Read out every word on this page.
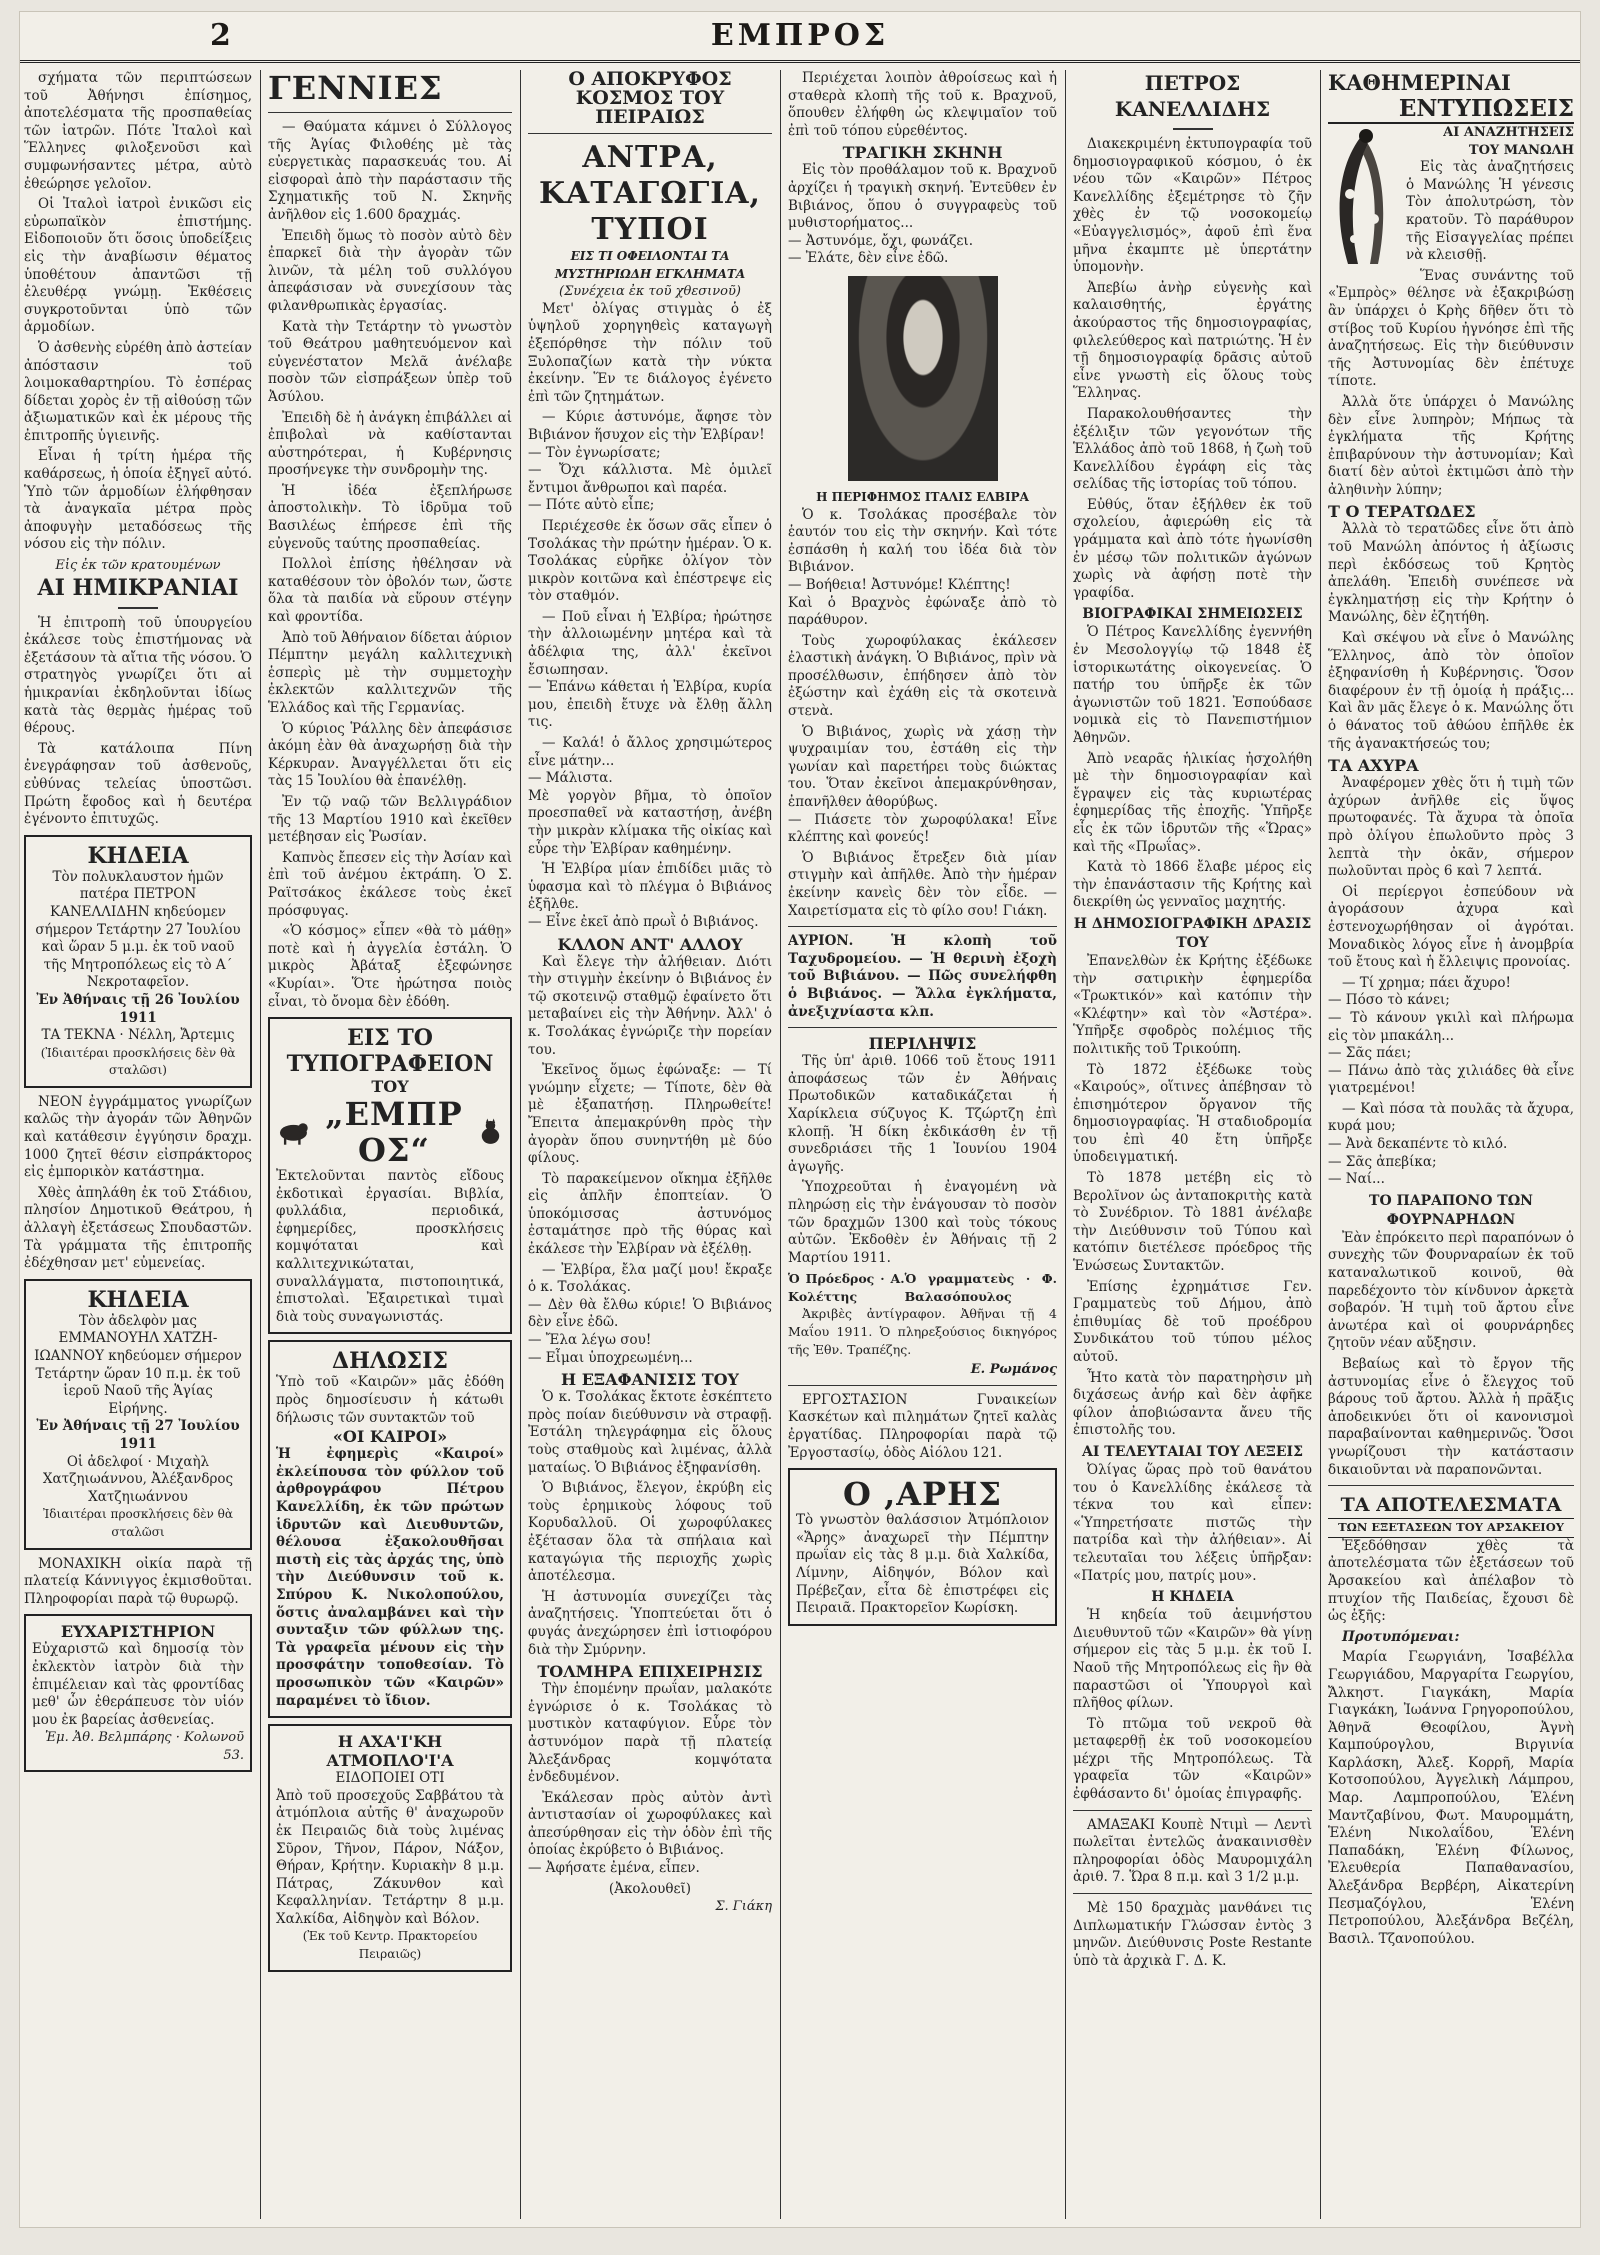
2	ΕΜΠΡΟΣ

σχήματα τῶν περιπτώσεων τοῦ Ἀθήνησι ἐπίσημος, ἀποτελέσματα τῆς προσπαθείας τῶν ἰατρῶν. Πότε Ἰταλοὶ καὶ Ἕλληνες φιλοξενοῦσι καὶ συμφωνήσαντες μέτρα, αὐτὸ ἐθεώρησε γελοῖον.

Οἱ Ἰταλοὶ ἰατροὶ ἐνικῶσι εἰς εὐρωπαϊκὸν ἐπιστήμης. Εἰδοποιοῦν ὅτι ὅσοις ὑποδείξεις εἰς τὴν ἀναβίωσιν θέματος ὑποθέτουν ἀπαντῶσι τῇ ἐλευθέρᾳ γνώμῃ. Ἐκθέσεις συγκροτοῦνται ὑπὸ τῶν ἁρμοδίων.

Ὁ ἀσθενὴς εὑρέθη ἀπὸ ἀστείαν ἀπόστασιν τοῦ λοιμοκαθαρτηρίου. Τὸ ἐσπέρας δίδεται χορὸς ἐν τῇ αἰθούσῃ τῶν ἀξιωματικῶν καὶ ἐκ μέρους τῆς ἐπιτροπῆς ὑγιεινῆς.

Εἶναι ἡ τρίτη ἡμέρα τῆς καθάρσεως, ἡ ὁποία ἐξηγεῖ αὐτό. Ὑπὸ τῶν ἁρμοδίων ἐλήφθησαν τὰ ἀναγκαῖα μέτρα πρὸς ἀποφυγὴν μεταδόσεως τῆς νόσου εἰς τὴν πόλιν.

Εἰς ἐκ τῶν κρατουμένων
ΑΙ ΗΜΙΚΡΑΝΙΑΙ

Ἡ ἐπιτροπὴ τοῦ ὑπουργείου ἐκάλεσε τοὺς ἐπιστήμονας νὰ ἐξετάσουν τὰ αἴτια τῆς νόσου. Ὁ στρατηγὸς γνωρίζει ὅτι αἱ ἡμικρανίαι ἐκδηλοῦνται ἰδίως κατὰ τὰς θερμὰς ἡμέρας τοῦ θέρους.

Τὰ κατάλοιπα Πίνη ἐνεγράφησαν τοῦ ἀσθενοῦς, εὐθύνας τελείας ὑποστῶσι. Πρώτη ἔφοδος καὶ ἡ δευτέρα ἐγένοντο ἐπιτυχῶς.

ΚΗΔΕΙΑ
Τὸν πολυκλαυστον ἡμῶν πατέρα ΠΕΤΡΟΝ ΚΑΝΕΛΛΙΔΗΝ κηδεύομεν σήμερον Τετάρτην 27 Ἰουλίου καὶ ὥραν 5 μ.μ. ἐκ τοῦ ναοῦ τῆς Μητροπόλεως εἰς τὸ Α΄ Νεκροταφεῖον.
Ἐν Ἀθήναις τῇ 26 Ἰουλίου 1911
ΤΑ ΤΕΚΝΑ · Νέλλη, Ἄρτεμις
(Ἰδιαιτέραι προσκλήσεις δὲν θὰ σταλῶσι)

ΝΕΟΝ ἐγγράμματος γνωρίζων καλῶς τὴν ἀγοράν τῶν Ἀθηνῶν καὶ κατάθεσιν ἐγγύησιν δραχμ. 1000 ζητεῖ θέσιν εἰσπράκτορος εἰς ἐμπορικὸν κατάστημα.

Χθὲς ἀπηλάθη ἐκ τοῦ Στάδιου, πλησίον Δημοτικοῦ Θεάτρου, ἡ ἀλλαγὴ ἐξετάσεως Σπουδαστῶν. Τὰ γράμματα τῆς ἐπιτροπῆς ἐδέχθησαν μετ' εὐμενείας.

ΚΗΔΕΙΑ
Τὸν ἀδελφὸν μας ΕΜΜΑΝΟΥΗΛ ΧΑΤΖΗ-ΙΩΑΝΝΟΥ κηδεύομεν σήμερον Τετάρτην ὥραν 10 π.μ. ἐκ τοῦ ἱεροῦ Ναοῦ τῆς Ἁγίας Εἰρήνης.
Ἐν Ἀθήναις τῇ 27 Ἰουλίου 1911
Οἱ ἀδελφοί · Μιχαὴλ Χατζηιωάννου, Ἀλέξανδρος Χατζηιωάννου
Ἰδιαιτέραι προσκλήσεις δὲν θὰ σταλῶσι

ΜΟΝΑΧΙΚΗ οἰκία παρὰ τῇ πλατείᾳ Κάννιγγος ἐκμισθοῦται. Πληροφορίαι παρὰ τῷ θυρωρῷ.

ΕΥΧΑΡΙΣΤΗΡΙΟΝ
Εὐχαριστῶ καὶ δημοσίᾳ τὸν ἐκλεκτὸν ἰατρὸν διὰ τὴν ἐπιμέλειαν καὶ τὰς φροντίδας μεθ' ὧν ἐθεράπευσε τὸν υἱόν μου ἐκ βαρείας ἀσθενείας.
Ἐμ. Ἀθ. Βελμπάρης · Κολωνοῦ 53.
ΓΕΝΝΙΕΣ

— Θαύματα κάμνει ὁ Σύλλογος τῆς Ἁγίας Φιλοθέης μὲ τὰς εὐεργετικὰς παρασκευάς του. Αἱ εἰσφοραὶ ἀπὸ τὴν παράστασιν τῆς Σχηματικῆς τοῦ Ν. Σκηνῆς ἀνῆλθον εἰς 1.600 δραχμάς.

Ἐπειδὴ ὅμως τὸ ποσὸν αὐτὸ δὲν ἐπαρκεῖ διὰ τὴν ἀγορὰν τῶν λινῶν, τὰ μέλη τοῦ συλλόγου ἀπεφάσισαν νὰ συνεχίσουν τὰς φιλανθρωπικὰς ἐργασίας.

Κατὰ τὴν Τετάρτην τὸ γνωστὸν τοῦ Θεάτρου μαθητευόμενον καὶ εὐγενέστατον Μελᾶ ἀνέλαβε ποσὸν τῶν εἰσπράξεων ὑπὲρ τοῦ Ἀσύλου.

Ἐπειδὴ δὲ ἡ ἀνάγκη ἐπιβάλλει αἱ ἐπιβολαὶ νὰ καθίστανται αὐστηρότεραι, ἡ Κυβέρνησις προσήνεγκε τὴν συνδρομὴν της.

Ἡ ἰδέα ἐξεπλήρωσε ἀποστολικὴν. Τὸ ἱδρῦμα τοῦ Βασιλέως ἐπήρεσε ἐπὶ τῆς εὐγενοῦς ταύτης προσπαθείας.

Πολλοὶ ἐπίσης ἠθέλησαν νὰ καταθέσουν τὸν ὀβολόν των, ὥστε ὅλα τὰ παιδία νὰ εὕρουν στέγην καὶ φροντίδα.

Ἀπὸ τοῦ Ἀθήναιον δίδεται ἀύριον Πέμπτην μεγάλη καλλιτεχνικὴ ἑσπερὶς μὲ τὴν συμμετοχὴν ἐκλεκτῶν καλλιτεχνῶν τῆς Ἑλλάδος καὶ τῆς Γερμανίας.

Ὁ κύριος Ῥάλλης δὲν ἀπεφάσισε ἀκόμη ἐὰν θὰ ἀναχωρήσῃ διὰ τὴν Κέρκυραν. Ἀναγγέλλεται ὅτι εἰς τὰς 15 Ἰουλίου θὰ ἐπανέλθῃ.

Ἐν τῷ ναῷ τῶν Βελλιγράδιον τῆς 13 Μαρτίου 1910 καὶ ἐκεῖθεν μετέβησαν εἰς Ῥωσίαν.

Καπνὸς ἔπεσεν εἰς τὴν Ἀσίαν καὶ ἐπὶ τοῦ ἀνέμου ἐκτράπη. Ὁ Σ. Ραϊτσάκος ἐκάλεσε τοὺς ἐκεῖ πρόσφυγας.

«Ὁ κόσμος» εἶπεν «θὰ τὸ μάθῃ» ποτὲ καὶ ἡ ἀγγελία ἐστάλη. Ὁ μικρὸς Ἀβάταξ ἐξεφώνησε «Κυρίαι». Ὅτε ἠρώτησα ποιὸς εἶναι, τὸ ὄνομα δὲν ἐδόθη.

ΕΙΣ ΤΟ ΤΥΠΟΓΡΑΦΕΙΟΝ
ΤΟΥ
„ΕΜΠΡΟΣ“
Ἐκτελοῦνται παντὸς εἴδους ἐκδοτικαὶ ἐργασίαι. Βιβλία, φυλλάδια, περιοδικά, ἐφημερίδες, προσκλήσεις κομψόταται καὶ καλλιτεχνικώταται, συναλλάγματα, πιστοποιητικά, ἐπιστολαὶ. Ἐξαιρετικαὶ τιμαὶ διὰ τοὺς συναγωνιστάς.
ΔΗΛΩΣΙΣ
Ὑπὸ τοῦ «Καιρῶν» μᾶς ἐδόθη πρὸς δημοσίευσιν ἡ κάτωθι δήλωσις τῶν συντακτῶν τοῦ
«ΟΙ ΚΑΙΡΟΙ»
Ἡ ἐφημερὶς «Καιροί» ἐκλείπουσα τὸν φύλλον τοῦ ἀρθρογράφου Πέτρου Κανελλίδη, ἐκ τῶν πρώτων ἱδρυτῶν καὶ Διευθυντῶν, θέλουσα ἐξακολουθῆσαι πιστὴ εἰς τὰς ἀρχάς της, ὑπὸ τὴν Διεύθυνσιν τοῦ κ. Σπύρου Κ. Νικολοπούλου, ὅστις ἀναλαμβάνει καὶ τὴν συνταξιν τῶν φύλλων της. Τὰ γραφεῖα μένουν εἰς τὴν προσφάτην τοποθεσίαν. Τὸ προσωπικὸν τῶν «Καιρῶν» παραμένει τὸ ἴδιον.
Η ΑΧΑ'Ι'ΚΗ ΑΤΜΟΠΛΟ'Ι'Α
ΕΙΔΟΠΟΙΕΙ ΟΤΙ
Ἀπὸ τοῦ προσεχοῦς Σαββάτου τὰ ἀτμόπλοια αὐτῆς θ' ἀναχωροῦν ἐκ Πειραιῶς διὰ τοὺς λιμένας Σῦρον, Τῆνον, Πάρον, Νάξον, Θήραν, Κρήτην. Κυριακὴν 8 μ.μ. Πάτρας, Ζάκυνθον καὶ Κεφαλληνίαν. Τετάρτην 8 μ.μ. Χαλκίδα, Αἰδηψὸν καὶ Βόλον.
(Ἐκ τοῦ Κεντρ. Πρακτορείου Πειραιῶς)
Ο ΑΠΟΚΡΥΦΟΣ ΚΟΣΜΟΣ ΤΟΥ ΠΕΙΡΑΙΩΣ
ΑΝΤΡΑ, ΚΑΤΑΓΩΓΙΑ, ΤΥΠΟΙ
ΕΙΣ ΤΙ ΟΦΕΙΛΟΝΤΑΙ ΤΑ ΜΥΣΤΗΡΙΩΔΗ ΕΓΚΛΗΜΑΤΑ
(Συνέχεια ἐκ τοῦ χθεσινοῦ)

Μετ' ὀλίγας στιγμὰς ὁ ἐξ ὑψηλοῦ χορηγηθεὶς καταγωγὴ ἐξεπόρθησε τὴν πόλιν τοῦ Ξυλοπαζίων κατὰ τὴν νύκτα ἐκείνην. Ἕν τε διάλογος ἐγένετο ἐπὶ τῶν ζητημάτων.

— Κύριε ἀστυνόμε, ἄφησε τὸν Βιβιάνον ἥσυχον εἰς τὴν Ἐλβίραν!
— Τὸν ἐγνωρίσατε;
— Ὄχι κάλλιστα. Μὲ ὁμιλεῖ ἔντιμοι ἄνθρωποι καὶ παρέα.
— Πότε αὐτὸ εἶπε;

Περιέχεσθε ἐκ ὅσων σᾶς εἶπεν ὁ Τσολάκας τὴν πρώτην ἡμέραν. Ὁ κ. Τσολάκας εὑρῆκε ὀλίγον τὸν μικρὸν κοιτῶνα καὶ ἐπέστρεψε εἰς τὸν σταθμόν.

— Ποῦ εἶναι ἡ Ἐλβίρα; ἠρώτησε τὴν ἀλλοιωμένην μητέρα καὶ τὰ ἀδέλφια της, ἀλλ' ἐκεῖνοι ἔσιωπησαν.
— Ἐπάνω κάθεται ἡ Ἐλβίρα, κυρία μου, ἐπειδὴ ἔτυχε νὰ ἔλθῃ ἄλλη τις.

— Καλά! ὁ ἄλλος χρησιμώτερος εἶνε μάτην...
— Μάλιστα.
Μὲ γοργὸν βῆμα, τὸ ὁποῖον προεσπαθεῖ νὰ καταστήσῃ, ἀνέβη τὴν μικρὰν κλίμακα τῆς οἰκίας καὶ εὗρε τὴν Ἐλβίραν καθημένην.

Ἡ Ἐλβίρα μίαν ἐπιδίδει μιᾶς τὸ ὑφασμα καὶ τὸ πλέγμα ὁ Βιβιάνος ἐξῆλθε.
— Εἶνε ἐκεῖ ἀπὸ πρωῒ ὁ Βιβιάνος.

ΚΛΛΟΝ ΑΝΤ' ΑΛΛΟΥ

Καὶ ἔλεγε τὴν ἀλήθειαν. Διότι τὴν στιγμὴν ἐκείνην ὁ Βιβιάνος ἐν τῷ σκοτεινῷ σταθμῷ ἐφαίνετο ὅτι μεταβαίνει εἰς τὴν Ἀθήνην. Ἀλλ' ὁ κ. Τσολάκας ἐγνώριζε τὴν πορείαν του.

Ἐκεῖνος ὅμως ἐφώναξε: — Τί γνώμην εἶχετε; — Τίποτε, δὲν θὰ μὲ ἐξαπατήσῃ. Πληρωθείτε! Ἔπειτα ἀπεμακρύνθη πρὸς τὴν ἀγορὰν ὅπου συνηντήθη μὲ δύο φίλους.

Τὸ παρακείμενον οἴκημα ἐξῆλθε εἰς ἀπλῆν ἐποπτείαν. Ὁ ὑποκόμισσας ἀστυνόμος ἐσταμάτησε πρὸ τῆς θύρας καὶ ἐκάλεσε τὴν Ἐλβίραν νὰ ἐξέλθῃ.

— Ἐλβίρα, ἔλα μαζί μου! ἔκραξε ὁ κ. Τσολάκας.
— Δὲν θὰ ἔλθω κύριε! Ὁ Βιβιάνος δὲν εἶνε ἐδῶ.
— Ἔλα λέγω σου!
— Εἶμαι ὑποχρεωμένη...

Η ΕΞΑΦΑΝΙΣΙΣ ΤΟΥ

Ὁ κ. Τσολάκας ἔκτοτε ἐσκέπτετο πρὸς ποίαν διεύθυνσιν νὰ στραφῇ. Ἐστάλη τηλεγράφημα εἰς ὅλους τοὺς σταθμοὺς καὶ λιμένας, ἀλλὰ ματαίως. Ὁ Βιβιάνος ἐξηφανίσθη.

Ὁ Βιβιάνος, ἔλεγον, ἐκρύβη εἰς τοὺς ἐρημικοὺς λόφους τοῦ Κορυδαλλοῦ. Οἱ χωροφύλακες ἐξέτασαν ὅλα τὰ σπήλαια καὶ καταγώγια τῆς περιοχῆς χωρὶς ἀποτέλεσμα.

Ἡ ἀστυνομία συνεχίζει τὰς ἀναζητήσεις. Ὑποπτεύεται ὅτι ὁ φυγάς ἀνεχώρησεν ἐπὶ ἱστιοφόρου διὰ τὴν Σμύρνην.

ΤΟΛΜΗΡΑ ΕΠΙΧΕΙΡΗΣΙΣ

Τὴν ἑπομένην πρωΐαν, μαλακότε ἐγνώρισε ὁ κ. Τσολάκας τὸ μυστικὸν καταφύγιον. Εὗρε τὸν ἀστυνόμον παρὰ τῇ πλατείᾳ Ἀλεξάνδρας κομψότατα ἐνδεδυμένον.

Ἐκάλεσαν πρὸς αὐτὸν ἀντὶ ἀντιστασίαν οἱ χωροφύλακες καὶ ἀπεσύρθησαν εἰς τὴν ὁδὸν ἐπὶ τῆς ὁποίας ἐκρύβετο ὁ Βιβιάνος.
— Ἀφήσατε ἐμένα, εἶπεν.

(Ἀκολουθεῖ)
Σ. Γιάκη

Περιέχεται λοιπὸν ἀθροίσεως καὶ ἡ σταθερὰ κλοπὴ τῆς τοῦ κ. Βραχνοῦ, ὅπουθεν ἐλήφθη ὡς κλεψιμαῖον τοῦ ἐπὶ τοῦ τόπου εὑρεθέντος.

ΤΡΑΓΙΚΗ ΣΚΗΝΗ

Εἰς τὸν προθάλαμον τοῦ κ. Βραχνοῦ ἀρχίζει ἡ τραγικὴ σκηνή. Ἐντεῦθεν ἐν Βιβιάνος, ὅπου ὁ συγγραφεὺς τοῦ μυθιστορήματος...
— Ἀστυνόμε, ὄχι, φωνάζει.
— Ἐλάτε, δὲν εἶνε ἐδῶ.

Η ΠΕΡΙΦΗΜΟΣ ΙΤΑΛΙΣ ΕΛΒΙΡΑ

Ὁ κ. Τσολάκας προσέβαλε τὸν ἑαυτόν του εἰς τὴν σκηνήν. Καὶ τότε ἐσπάσθη ἡ καλή του ἰδέα διὰ τὸν Βιβιάνον.
— Βοήθεια! Ἀστυνόμε! Κλέπτης!
Καὶ ὁ Βραχνὸς ἐφώναξε ἀπὸ τὸ παράθυρον.

Τοὺς χωροφύλακας ἐκάλεσεν ἐλαστικὴ ἀνάγκη. Ὁ Βιβιάνος, πρὶν νὰ προσέλθωσιν, ἐπήδησεν ἀπὸ τὸν ἐξώστην καὶ ἐχάθη εἰς τὰ σκοτεινὰ στενὰ.

Ὁ Βιβιάνος, χωρὶς νὰ χάσῃ τὴν ψυχραιμίαν του, ἐστάθη εἰς τὴν γωνίαν καὶ παρετήρει τοὺς διώκτας του. Ὅταν ἐκεῖνοι ἀπεμακρύνθησαν, ἐπανῆλθεν ἀθορύβως.
— Πιάσετε τὸν χωροφύλακα! Εἶνε κλέπτης καὶ φονεύς!

Ὁ Βιβιάνος ἔτρεξεν διὰ μίαν στιγμὴν καὶ ἀπῆλθε. Ἀπὸ τὴν ἡμέραν ἐκείνην κανεὶς δὲν τὸν εἶδε. — Χαιρετίσματα εἰς τὸ φίλο σου! Γιάκη.

ΑΥΡΙΟΝ. Ἡ κλοπὴ τοῦ Ταχυδρομείου. — Ἡ θερινὴ ἐξοχὴ τοῦ Βιβιάνου. — Πῶς συνελήφθη ὁ Βιβιάνος. — Ἄλλα ἐγκλήματα, ἀνεξιχνίαστα κλπ.
ΠΕΡΙΛΗΨΙΣ

Τῆς ὑπ' ἀριθ. 1066 τοῦ ἔτους 1911 ἀποφάσεως τῶν ἐν Ἀθήναις Πρωτοδικῶν καταδικάζεται ἡ Χαρίκλεια σύζυγος Κ. Τζώρτζη ἐπὶ κλοπῇ. Ἡ δίκη ἐκδικάσθη ἐν τῇ συνεδριάσει τῆς 1 Ἰουνίου 1904 ἀγωγῆς.

Ὑποχρεοῦται ἡ ἐναγομένη νὰ πληρώσῃ εἰς τὴν ἐνάγουσαν τὸ ποσὸν τῶν δραχμῶν 1300 καὶ τοὺς τόκους αὐτῶν. Ἐκδοθὲν ἐν Ἀθήναις τῇ 2 Μαρτίου 1911.

Ὁ Πρόεδρος · Α. Κολέττης
Ὁ γραμματεὺς · Φ. Βαλασόπουλος

Ἀκριβὲς ἀντίγραφον. Ἀθῆναι τῇ 4 Μαΐου 1911. Ὁ πληρεξούσιος δικηγόρος τῆς Ἐθν. Τραπέζης.

Ε. Ρωμάνος

ΕΡΓΟΣΤΑΣΙΟΝ Γυναικείων Κασκέτων καὶ πιλημάτων ζητεῖ καλὰς ἐργατίδας. Πληροφορίαι παρὰ τῷ Ἐργοστασίῳ, ὁδὸς Αἰόλου 121.

Ο ,ΑΡΗΣ
Τὸ γνωστὸν θαλάσσιον Ἀτμόπλοιον «Ἄρης» ἀναχωρεῖ τὴν Πέμπτην πρωΐαν εἰς τὰς 8 μ.μ. διὰ Χαλκίδα, Λίμνην, Αἰδηψόν, Βόλον καὶ Πρέβεζαν, εἶτα δὲ ἐπιστρέφει εἰς Πειραιᾶ. Πρακτορεῖον Κωρίσκη.
ΠΕΤΡΟΣ ΚΑΝΕΛΛΙΔΗΣ

Διακεκριμένη ἐκτυπογραφία τοῦ δημοσιογραφικοῦ κόσμου, ὁ ἐκ νέου τῶν «Καιρῶν» Πέτρος Κανελλίδης ἐξεμέτρησε τὸ ζῆν χθὲς ἐν τῷ νοσοκομείῳ «Εὐαγγελισμός», ἀφοῦ ἐπὶ ἕνα μῆνα ἐκαμπτε μὲ ὑπερτάτην ὑπομονὴν.

Ἀπεβίω ἀνὴρ εὐγενὴς καὶ καλαισθητής, ἐργάτης ἀκούραστος τῆς δημοσιογραφίας, φιλελεύθερος καὶ πατριώτης. Ἡ ἐν τῇ δημοσιογραφίᾳ δρᾶσις αὐτοῦ εἶνε γνωστὴ εἰς ὅλους τοὺς Ἕλληνας.

Παρακολουθήσαντες τὴν ἐξέλιξιν τῶν γεγονότων τῆς Ἑλλάδος ἀπὸ τοῦ 1868, ἡ ζωὴ τοῦ Κανελλίδου ἐγράφη εἰς τὰς σελίδας τῆς ἱστορίας τοῦ τόπου.

Εὐθύς, ὅταν ἐξήλθεν ἐκ τοῦ σχολείου, ἀφιερώθη εἰς τὰ γράμματα καὶ ἀπὸ τότε ἠγωνίσθη ἐν μέσῳ τῶν πολιτικῶν ἀγώνων χωρὶς νὰ ἀφήσῃ ποτὲ τὴν γραφίδα.

ΒΙΟΓΡΑΦΙΚΑΙ ΣΗΜΕΙΩΣΕΙΣ

Ὁ Πέτρος Κανελλίδης ἐγεννήθη ἐν Μεσολογγίῳ τῷ 1848 ἐξ ἱστορικωτάτης οἰκογενείας. Ὁ πατήρ του ὑπῆρξε ἐκ τῶν ἀγωνιστῶν τοῦ 1821. Ἐσπούδασε νομικὰ εἰς τὸ Πανεπιστήμιον Ἀθηνῶν.

Ἀπὸ νεαρᾶς ἡλικίας ἠσχολήθη μὲ τὴν δημοσιογραφίαν καὶ ἔγραψεν εἰς τὰς κυριωτέρας ἐφημερίδας τῆς ἐποχῆς. Ὑπῆρξε εἷς ἐκ τῶν ἱδρυτῶν τῆς «Ὥρας» καὶ τῆς «Πρωΐας».

Κατὰ τὸ 1866 ἔλαβε μέρος εἰς τὴν ἐπανάστασιν τῆς Κρήτης καὶ διεκρίθη ὡς γενναῖος μαχητής.

Η ΔΗΜΟΣΙΟΓΡΑΦΙΚΗ ΔΡΑΣΙΣ ΤΟΥ

Ἐπανελθὼν ἐκ Κρήτης ἐξέδωκε τὴν σατιρικὴν ἐφημερίδα «Τρωκτικόν» καὶ κατόπιν τὴν «Κλέφτην» καὶ τὸν «Ἀστέρα». Ὑπῆρξε σφοδρὸς πολέμιος τῆς πολιτικῆς τοῦ Τρικούπη.

Τὸ 1872 ἐξέδωκε τοὺς «Καιρούς», οἵτινες ἀπέβησαν τὸ ἐπισημότερον ὄργανον τῆς δημοσιογραφίας. Ἡ σταδιοδρομία του ἐπὶ 40 ἔτη ὑπῆρξε ὑποδειγματική.

Τὸ 1878 μετέβη εἰς τὸ Βερολῖνον ὡς ἀνταποκριτὴς κατὰ τὸ Συνέδριον. Τὸ 1881 ἀνέλαβε τὴν Διεύθυνσιν τοῦ Τύπου καὶ κατόπιν διετέλεσε πρόεδρος τῆς Ἑνώσεως Συντακτῶν.

Ἐπίσης ἐχρημάτισε Γεν. Γραμματεὺς τοῦ Δήμου, ἀπὸ ἐπιθυμίας δὲ τοῦ προέδρου Συνδικάτου τοῦ τύπου μέλος αὐτοῦ.

Ἦτο κατὰ τὸν παρατηρὴσιν μὴ διχάσεως ἀνήρ καὶ δὲν ἀφῆκε φίλον ἀποβιώσαντα ἄνευ τῆς ἐπιστολῆς του.

ΑΙ ΤΕΛΕΥΤΑΙΑΙ ΤΟΥ ΛΕΞΕΙΣ

Ὀλίγας ὥρας πρὸ τοῦ θανάτου του ὁ Κανελλίδης ἐκάλεσε τὰ τέκνα του καὶ εἶπεν: «Ὑπηρετήσατε πιστῶς τὴν πατρίδα καὶ τὴν ἀλήθειαν». Αἱ τελευταῖαι του λέξεις ὑπῆρξαν: «Πατρίς μου, πατρίς μου».

Η ΚΗΔΕΙΑ

Ἡ κηδεία τοῦ ἀειμνήστου Διευθυντοῦ τῶν «Καιρῶν» θὰ γίνῃ σήμερον εἰς τὰς 5 μ.μ. ἐκ τοῦ Ι. Ναοῦ τῆς Μητροπόλεως εἰς ἣν θὰ παραστῶσι οἱ Ὑπουργοὶ καὶ πλῆθος φίλων.

Τὸ πτῶμα τοῦ νεκροῦ θὰ μεταφερθῇ ἐκ τοῦ νοσοκομείου μέχρι τῆς Μητροπόλεως. Τὰ γραφεῖα τῶν «Καιρῶν» ἐφθάσαντο δι' ὁμοίας ἐπιγραφῆς.

ΑΜΑΞΑΚΙ Κουπὲ Ντιμὶ — Λεντὶ πωλεῖται ἐντελῶς ἀνακαινισθὲν πληροφορίαι ὁδὸς Μαυρομιχάλη ἀριθ. 7. Ὥρα 8 π.μ. καὶ 3 1/2 μ.μ.

Μὲ 150 δραχμὰς μανθάνει τις Διπλωματικήν Γλώσσαν ἐντὸς 3 μηνῶν. Διεύθυνσις Poste Restante ὑπὸ τὰ ἀρχικὰ Γ. Δ. Κ.

ΚΑΘΗΜΕΡΙΝΑΙ
ΕΝΤΥΠΩΣΕΙΣ
ΑΙ ΑΝΑΖΗΤΗΣΕΙΣ
ΤΟΥ ΜΑΝΩΛΗ

Εἰς τὰς ἀναζητήσεις ὁ Μανώλης Ἡ γένεσις Τὸν ἀπολυτρώση, τὸν κρατοῦν. Τὸ παράθυρον τῆς Εἰσαγγελίας πρέπει νὰ κλεισθῇ.

Ἕνας συνάντης τοῦ «Ἐμπρὸς» θέλησε νὰ ἐξακριβώσῃ ἂν ὑπάρχει ὁ Κρὴς δῆθεν ὅτι τὸ στίβος τοῦ Κυρίου ἠγνόησε ἐπὶ τῆς ἀναζητήσεως. Εἰς τὴν διεύθυνσιν τῆς Ἀστυνομίας δὲν ἐπέτυχε τίποτε.

Ἀλλὰ ὅτε ὑπάρχει ὁ Μανώλης δὲν εἶνε λυπηρὸν; Μήπως τὰ ἐγκλήματα τῆς Κρήτης ἐπιβαρύνουν τὴν ἀστυνομίαν; Καὶ διατί δὲν αὐτοὶ ἐκτιμῶσι ἀπὸ τὴν ἀληθινὴν λύπην;

Τ Ο ΤΕΡΑΤΩΔΕΣ

Ἀλλὰ τὸ τερατῶδες εἶνε ὅτι ἀπὸ τοῦ Μανώλη ἀπόντος ἡ ἀξίωσις περὶ ἐκδόσεως τοῦ Κρητὸς ἀπελάθη. Ἐπειδὴ συνέπεσε νὰ ἐγκληματήσῃ εἰς τὴν Κρήτην ὁ Μανώλης, δὲν ἐζητήθη.

Καὶ σκέψου νὰ εἶνε ὁ Μανώλης Ἕλληνος, ἀπὸ τὸν ὁποῖον ἐξηφανίσθη ἡ Κυβέρνησις. Ὅσον διαφέρουν ἐν τῇ ὁμοίᾳ ἡ πράξις... Καὶ ἂν μᾶς ἔλεγε ὁ κ. Μανώλης ὅτι ὁ θάνατος τοῦ ἀθώου ἐπῆλθε ἐκ τῆς ἀγανακτήσεώς του;

ΤΑ ΑΧΥΡΑ

Ἀναφέρομεν χθὲς ὅτι ἡ τιμὴ τῶν ἀχύρων ἀνῆλθε εἰς ὕψος πρωτοφανές. Τὰ ἄχυρα τὰ ὁποῖα πρὸ ὀλίγου ἐπωλοῦντο πρὸς 3 λεπτὰ τὴν ὀκᾶν, σήμερον πωλοῦνται πρὸς 6 καὶ 7 λεπτά.

Οἱ περίεργοι ἐσπεύδουν νὰ ἀγοράσουν ἀχυρα καὶ ἐστενοχωρήθησαν οἱ ἀγρόται. Μοναδικὸς λόγος εἶνε ἡ ἀνομβρία τοῦ ἔτους καὶ ἡ ἔλλειψις προνοίας.

— Τί χρημα; πάει ἄχυρο!
— Πόσο τὸ κάνει;
— Τὸ κάνουν γκιλὶ καὶ πλήρωμα εἰς τὸν μπακάλη...
— Σᾶς πάει;
— Πάνω ἀπὸ τὰς χιλιάδες θὰ εἶνε γιατρεμένοι!

— Καὶ πόσα τὰ πουλᾶς τὰ ἄχυρα, κυρά μου;
— Ἀνὰ δεκαπέντε τὸ κιλό.
— Σᾶς ἀπεβίκα;
— Ναί...

ΤΟ ΠΑΡΑΠΟΝΟ ΤΩΝ ΦΟΥΡΝΑΡΗΔΩΝ

Ἐὰν ἐπρόκειτο περὶ παραπόνων ὁ συνεχὴς τῶν Φουρναραίων ἐκ τοῦ καταναλωτικοῦ κοινοῦ, θὰ παρεδέχοντο τὸν κίνδυνον ἀρκετὰ σοβαρόν. Ἡ τιμὴ τοῦ ἄρτου εἶνε ἀνωτέρα καὶ οἱ φουρνάρηδες ζητοῦν νέαν αὔξησιν.

Βεβαίως καὶ τὸ ἔργον τῆς ἀστυνομίας εἶνε ὁ ἔλεγχος τοῦ βάρους τοῦ ἄρτου. Ἀλλὰ ἡ πρᾶξις ἀποδεικνύει ὅτι οἱ κανονισμοὶ παραβαίνονται καθημερινῶς. Ὅσοι γνωρίζουσι τὴν κατάστασιν δικαιοῦνται νὰ παραπονῶνται.

ΤΑ ΑΠΟΤΕΛΕΣΜΑΤΑ
ΤΩΝ ΕΞΕΤΑΣΕΩΝ ΤΟΥ ΑΡΣΑΚΕΙΟΥ

Ἐξεδόθησαν χθὲς τὰ ἀποτελέσματα τῶν ἐξετάσεων τοῦ Ἀρσακείου καὶ ἀπέλαβον τὸ πτυχίον τῆς Παιδείας, ἔχουσι δὲ ὡς ἑξῆς:

Προτυπόμεναι:

Μαρία Γεωργιάνη, Ἰσαβέλλα Γεωργιάδου, Μαργαρίτα Γεωργίου, Ἄλκηστ. Γιαγκάκη, Μαρία Γιαγκάκη, Ἰωάννα Γρηγοροπούλου, Ἀθηνᾶ Θεοφίλου, Ἀγνὴ Καμπούρογλου, Βιργινία Καρλάσκη, Ἀλεξ. Κορρῆ, Μαρία Κοτσοπούλου, Ἀγγελικὴ Λάμπρου, Μαρ. Λαμπροπούλου, Ἑλένη Μαντζαβίνου, Φωτ. Μαυρομμάτη, Ἑλένη Νικολαΐδου, Ἑλένη Παπαδάκη, Ἑλένη Φίλωνος, Ἐλευθερία Παπαθανασίου, Ἀλεξάνδρα Βερβέρη, Αἰκατερίνη Πεσμαζόγλου, Ἑλένη Πετροπούλου, Ἀλεξάνδρα Βεζέλη, Βασιλ. Τζανοπούλου.
